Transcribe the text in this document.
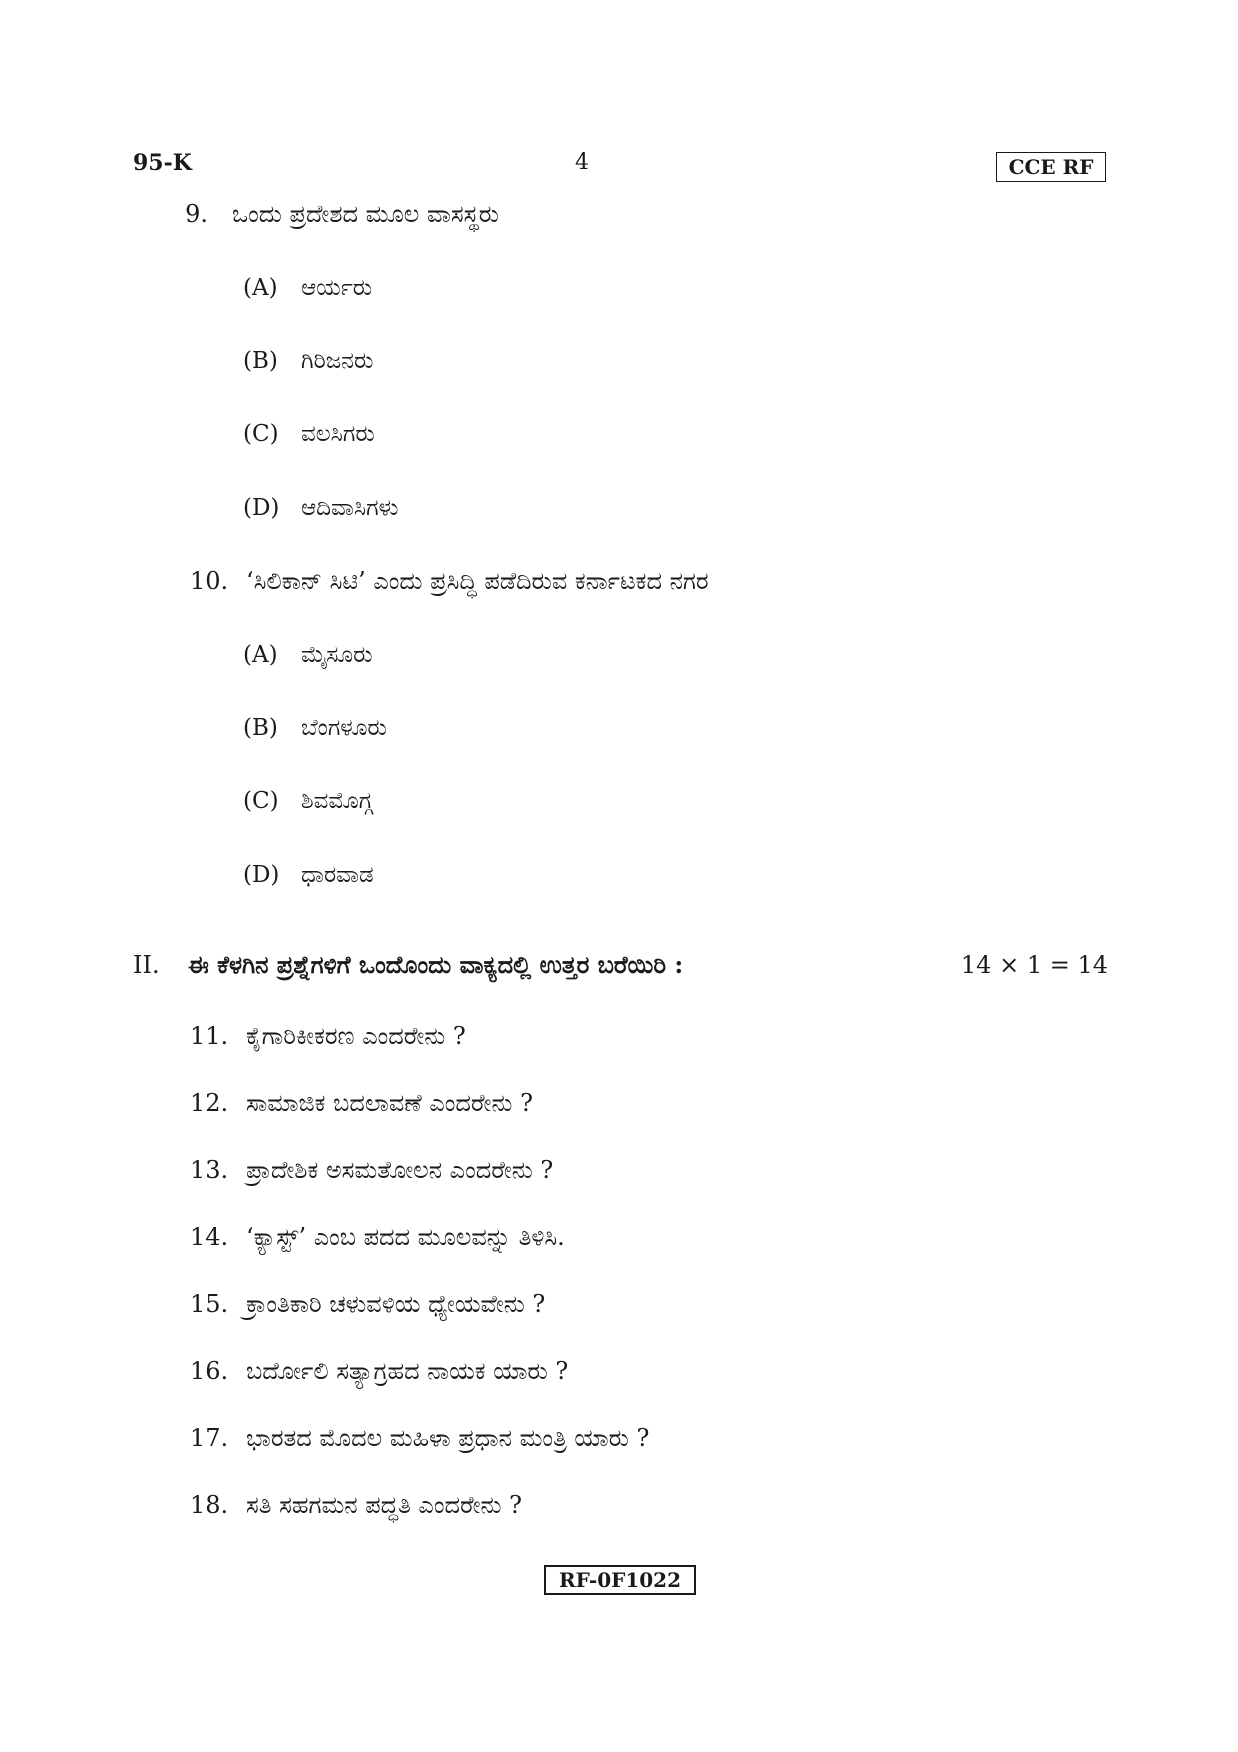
95-K	4	CCE RF
9. ಒಂದು ಪ್ರದೇಶದ ಮೂಲ ವಾಸಸ್ಥರು
(A) ಆರ್ಯರು
(B) ಗಿರಿಜನರು
(C) ವಲಸಿಗರು
(D) ಆದಿವಾಸಿಗಳು
10. ‘ಸಿಲಿಕಾನ್ ಸಿಟಿ’ ಎಂದು ಪ್ರಸಿದ್ಧಿ ಪಡೆದಿರುವ ಕರ್ನಾಟಕದ ನಗರ
(A) ಮೈಸೂರು
(B) ಬೆಂಗಳೂರು
(C) ಶಿವಮೊಗ್ಗ
(D) ಧಾರವಾಡ
II. ಈ ಕೆಳಗಿನ ಪ್ರಶ್ನೆಗಳಿಗೆ ಒಂದೊಂದು ವಾಕ್ಯದಲ್ಲಿ ಉತ್ತರ ಬರೆಯಿರಿ :	14 × 1 = 14
11. ಕೈಗಾರಿಕೀಕರಣ ಎಂದರೇನು ?
12. ಸಾಮಾಜಿಕ ಬದಲಾವಣೆ ಎಂದರೇನು ?
13. ಪ್ರಾದೇಶಿಕ ಅಸಮತೋಲನ ಎಂದರೇನು ?
14. ‘ಕ್ಯಾಸ್ಟ್’ ಎಂಬ ಪದದ ಮೂಲವನ್ನು ತಿಳಿಸಿ.
15. ಕ್ರಾಂತಿಕಾರಿ ಚಳುವಳಿಯ ಧ್ಯೇಯವೇನು ?
16. ಬರ್ದೋಲಿ ಸತ್ಯಾಗ್ರಹದ ನಾಯಕ ಯಾರು ?
17. ಭಾರತದ ಮೊದಲ ಮಹಿಳಾ ಪ್ರಧಾನ ಮಂತ್ರಿ ಯಾರು ?
18. ಸತಿ ಸಹಗಮನ ಪದ್ಧತಿ ಎಂದರೇನು ?
RF-0F1022
